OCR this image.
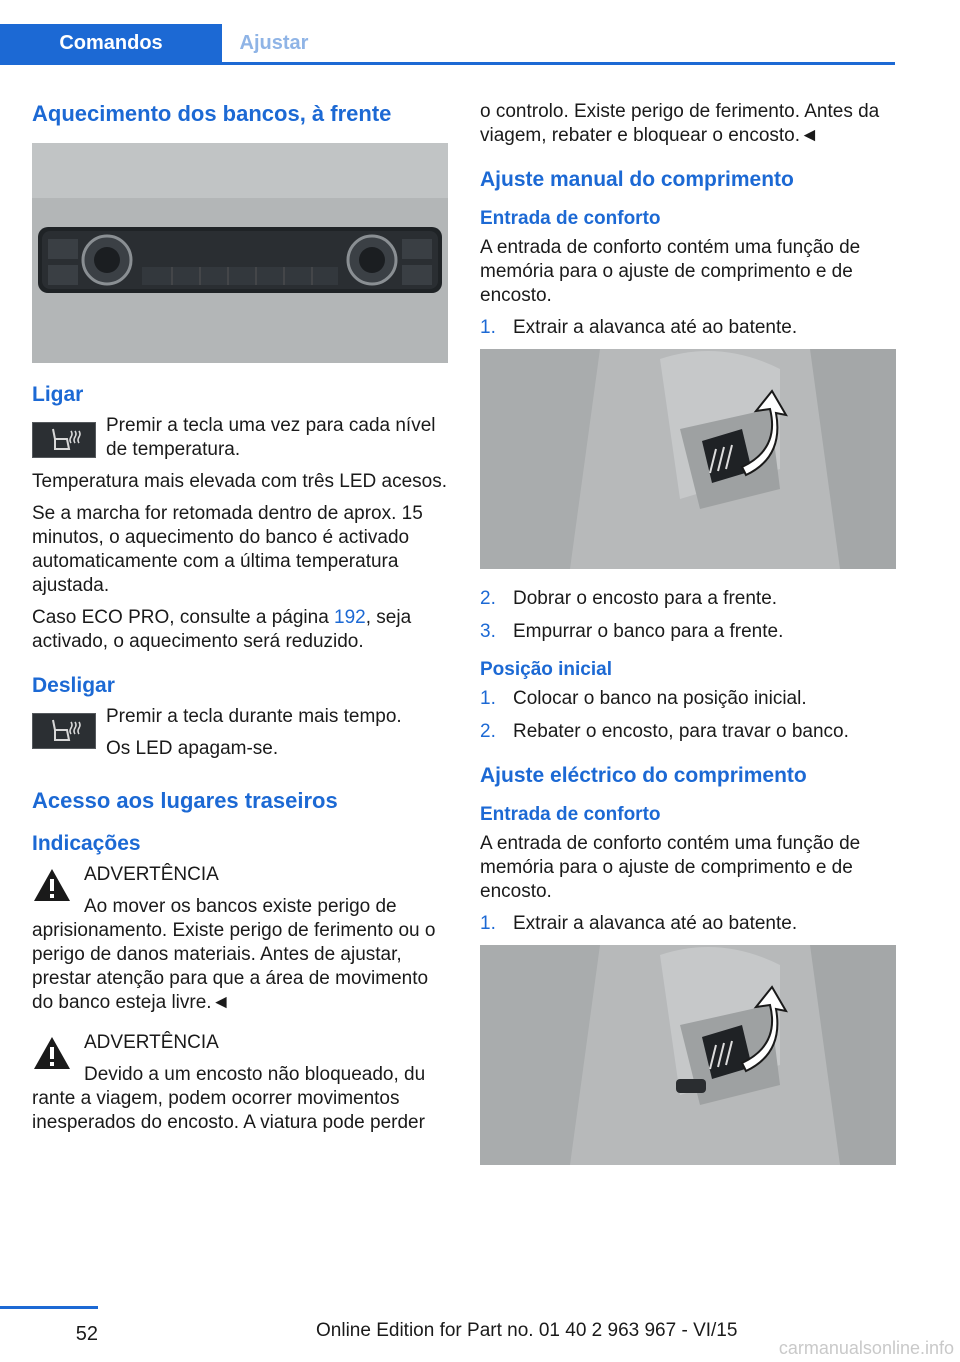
Comandos	Ajustar
Aquecimento dos bancos, à frente
Ligar

Premir a tecla uma vez para cada nível de temperatura.

Temperatura mais elevada com três LED acesos.

Se a marcha for retomada dentro de aprox. 15 minutos, o aquecimento do banco é activado automaticamente com a última temperatura ajustada.

Caso ECO PRO, consulte a página 192, seja activado, o aquecimento será reduzido.

Desligar

Premir a tecla durante mais tempo.

Os LED apagam-se.

Acesso aos lugares traseiros
Indicações

ADVERTÊNCIA

Ao mover os bancos existe perigo de

aprisionamento. Existe perigo de ferimento ou o perigo de danos materiais. Antes de ajustar, prestar atenção para que a área de movimento do banco esteja livre.◄

ADVERTÊNCIA

Devido a um encosto não bloqueado, du

rante a viagem, podem ocorrer movimentos inesperados do encosto. A viatura pode perder

o controlo. Existe perigo de ferimento. Antes da viagem, rebater e bloquear o encosto.◄

Ajuste manual do comprimento
Entrada de conforto

A entrada de conforto contém uma função de memória para o ajuste de comprimento e de encosto.

1. Extrair a alavanca até ao batente.
2. Dobrar o encosto para a frente.
3. Empurrar o banco para a frente.
Posição inicial
1. Colocar o banco na posição inicial.
2. Rebater o encosto, para travar o banco.
Ajuste eléctrico do comprimento
Entrada de conforto

A entrada de conforto contém uma função de memória para o ajuste de comprimento e de encosto.

1. Extrair a alavanca até ao batente.
52	Online Edition for Part no. 01 40 2 963 967 - VI/15
carmanualsonline.info
